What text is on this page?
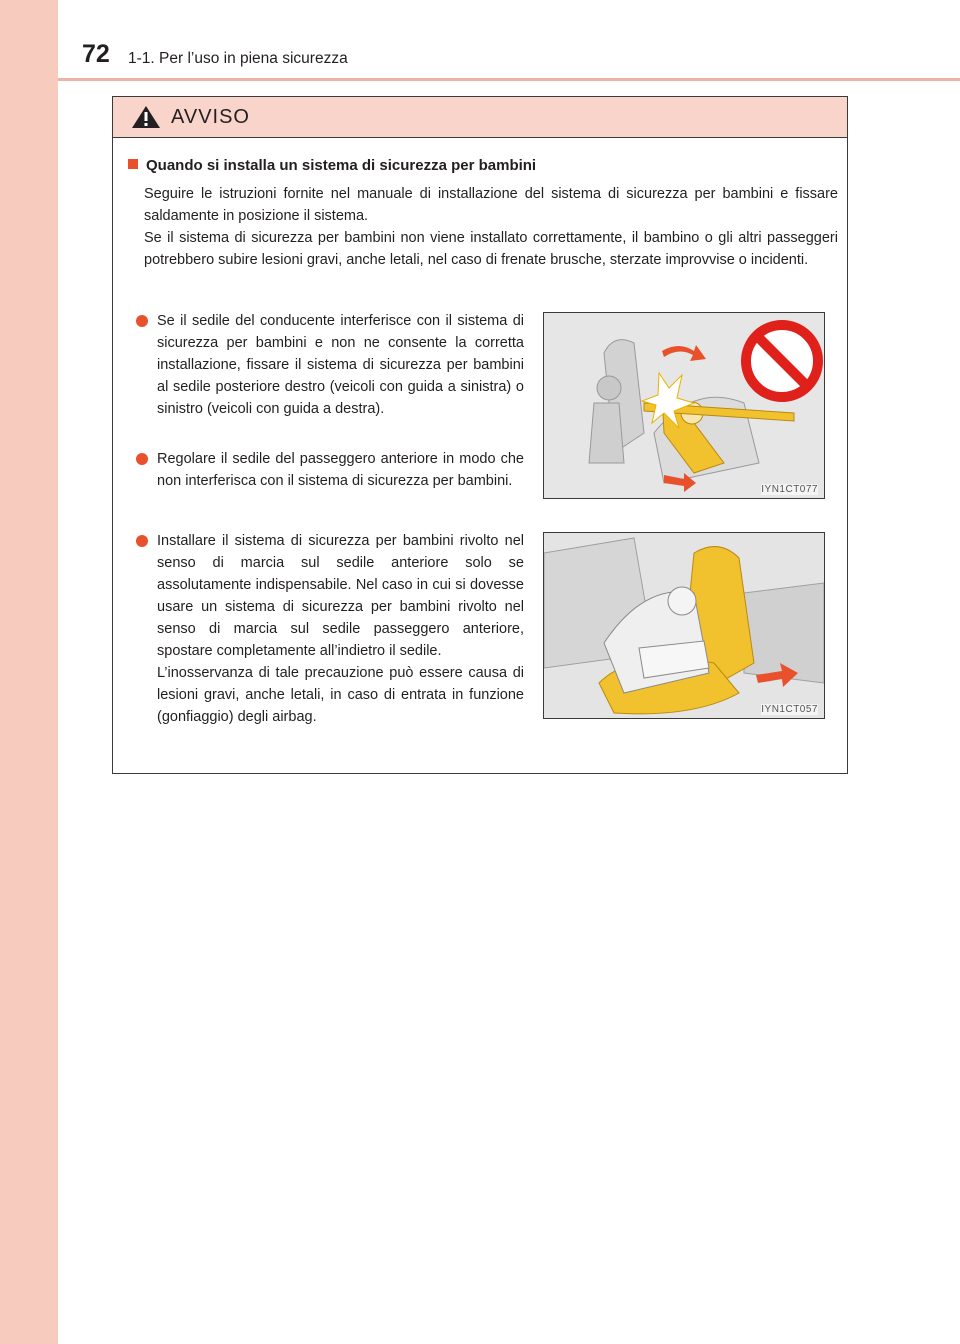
72 1-1. Per l’uso in piena sicurezza
AVVISO
Quando si installa un sistema di sicurezza per bambini
Seguire le istruzioni fornite nel manuale di installazione del sistema di sicurezza per bambini e fissare saldamente in posizione il sistema.
Se il sistema di sicurezza per bambini non viene installato correttamente, il bambino o gli altri passeggeri potrebbero subire lesioni gravi, anche letali, nel caso di frenate brusche, sterzate improvvise o incidenti.
Se il sedile del conducente interferisce con il sistema di sicurezza per bambini e non ne consente la corretta installazione, fissare il sistema di sicurezza per bambini al sedile posteriore destro (veicoli con guida a sinistra) o sinistro (veicoli con guida a destra).
Regolare il sedile del passeggero anteriore in modo che non interferisca con il sistema di sicurezza per bambini.
Installare il sistema di sicurezza per bambini rivolto nel senso di marcia sul sedile anteriore solo se assolutamente indispensabile. Nel caso in cui si dovesse usare un sistema di sicurezza per bambini rivolto nel senso di marcia sul sedile passeggero anteriore, spostare completamente all’indietro il sedile.
L’inosservanza di tale precauzione può essere causa di lesioni gravi, anche letali, in caso di entrata in funzione (gonfiaggio) degli airbag.
IYN1CT077
IYN1CT057
